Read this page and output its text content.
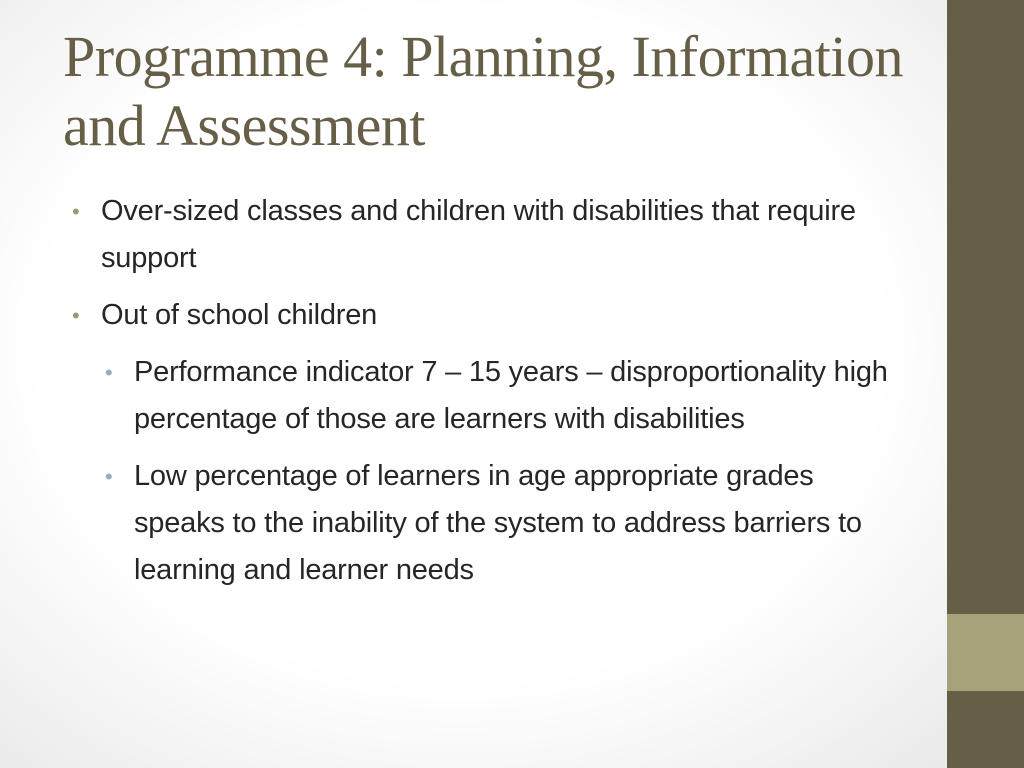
Programme 4: Planning, Information and Assessment
• Over-sized classes and children with disabilities that require support
• Out of school children
• Performance indicator 7 – 15 years – disproportionality high percentage of those are learners with disabilities
• Low percentage of learners in age appropriate grades speaks to the inability of the system to address barriers to learning and learner needs
